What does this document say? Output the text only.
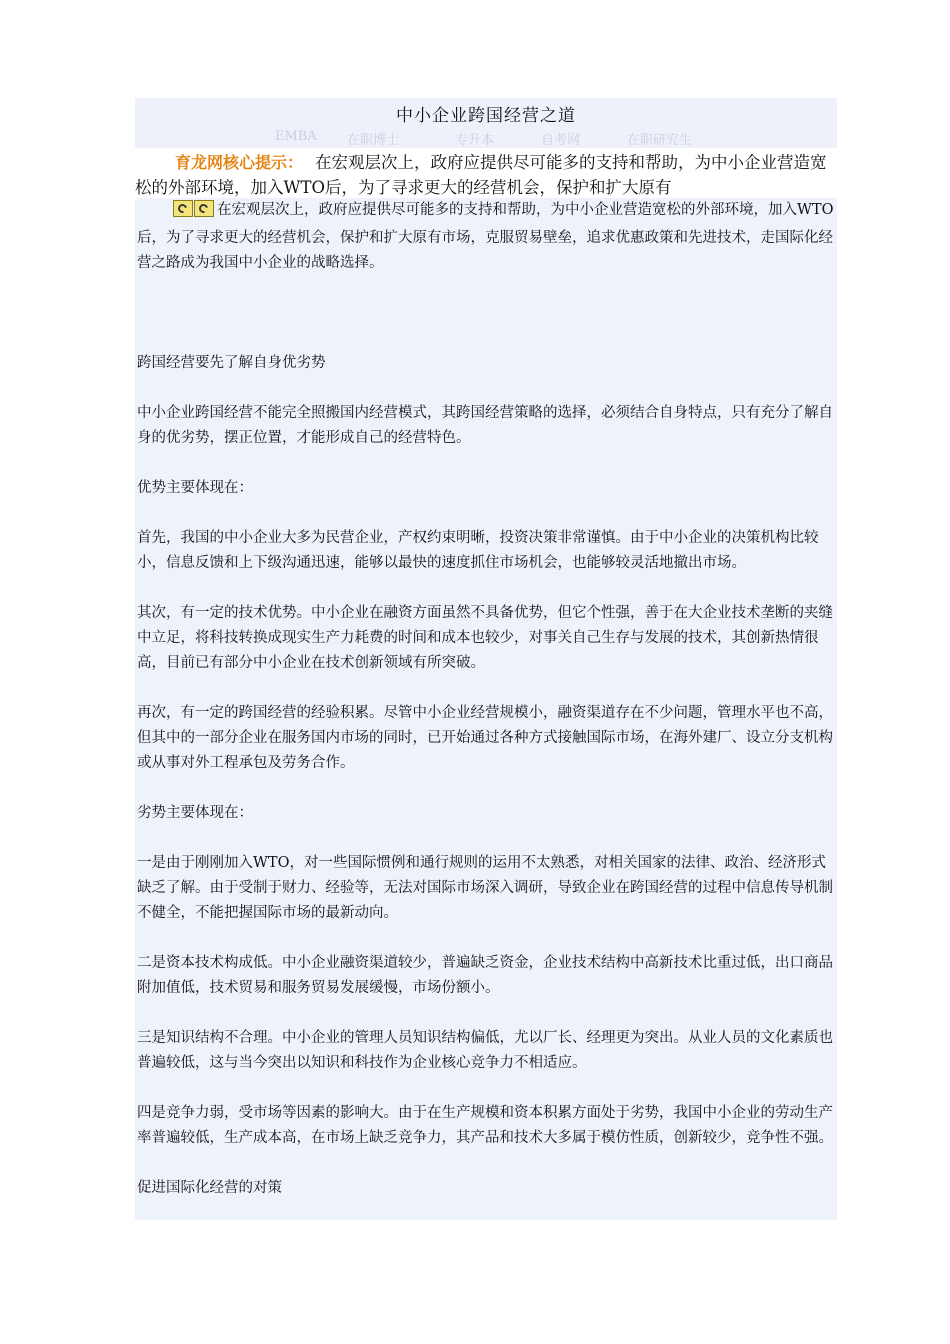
中小企业跨国经营之道
EMBA 在职博士	专升本	自考网	在职研究生
育龙网核心提示： 在宏观层次上，政府应提供尽可能多的支持和帮助，为中小企业营造宽松的外部环境，加入WTO后，为了寻求更大的经营机会，保护和扩大原有

在宏观层次上，政府应提供尽可能多的支持和帮助，为中小企业营造宽松的外部环境，加入WTO后，为了寻求更大的经营机会，保护和扩大原有市场，克服贸易壁垒，追求优惠政策和先进技术，走国际化经营之路成为我国中小企业的战略选择。

跨国经营要先了解自身优劣势

中小企业跨国经营不能完全照搬国内经营模式，其跨国经营策略的选择，必须结合自身特点，只有充分了解自身的优劣势，摆正位置，才能形成自己的经营特色。

优势主要体现在：

首先，我国的中小企业大多为民营企业，产权约束明晰，投资决策非常谨慎。由于中小企业的决策机构比较小，信息反馈和上下级沟通迅速，能够以最快的速度抓住市场机会，也能够较灵活地撤出市场。

其次，有一定的技术优势。中小企业在融资方面虽然不具备优势，但它个性强，善于在大企业技术垄断的夹缝中立足，将科技转换成现实生产力耗费的时间和成本也较少，对事关自己生存与发展的技术，其创新热情很高，目前已有部分中小企业在技术创新领域有所突破。

再次，有一定的跨国经营的经验积累。尽管中小企业经营规模小，融资渠道存在不少问题，管理水平也不高，但其中的一部分企业在服务国内市场的同时，已开始通过各种方式接触国际市场，在海外建厂、设立分支机构或从事对外工程承包及劳务合作。

劣势主要体现在：

一是由于刚刚加入WTO，对一些国际惯例和通行规则的运用不太熟悉，对相关国家的法律、政治、经济形式缺乏了解。由于受制于财力、经验等，无法对国际市场深入调研，导致企业在跨国经营的过程中信息传导机制不健全，不能把握国际市场的最新动向。

二是资本技术构成低。中小企业融资渠道较少，普遍缺乏资金，企业技术结构中高新技术比重过低，出口商品附加值低，技术贸易和服务贸易发展缓慢，市场份额小。

三是知识结构不合理。中小企业的管理人员知识结构偏低，尤以厂长、经理更为突出。从业人员的文化素质也普遍较低，这与当今突出以知识和科技作为企业核心竞争力不相适应。

四是竞争力弱，受市场等因素的影响大。由于在生产规模和资本积累方面处于劣势，我国中小企业的劳动生产率普遍较低，生产成本高，在市场上缺乏竞争力，其产品和技术大多属于模仿性质，创新较少，竞争性不强。

促进国际化经营的对策
